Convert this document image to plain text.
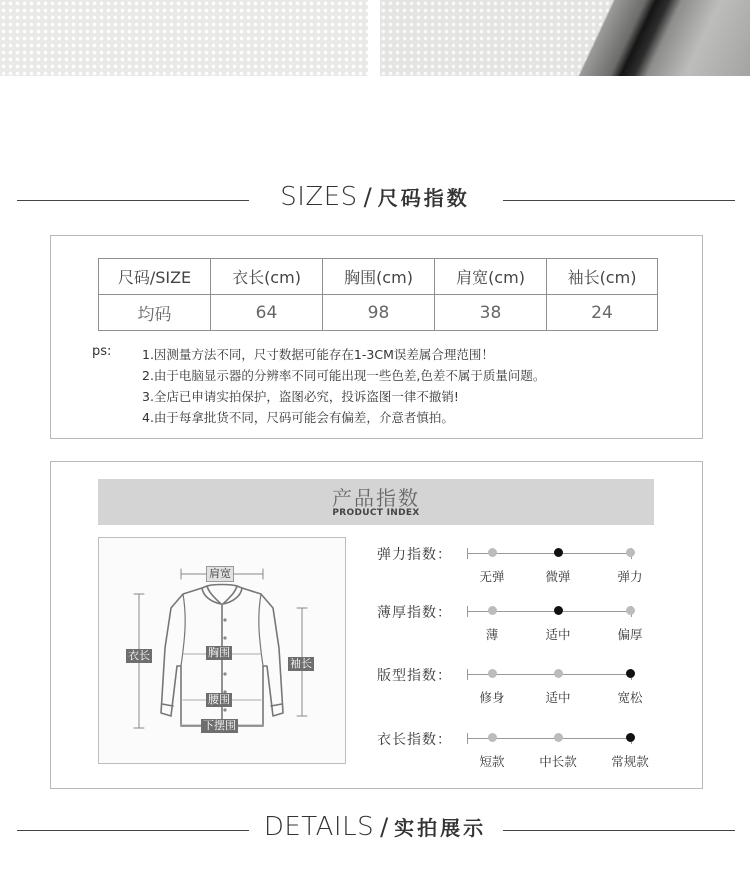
SIZES / 尺码指数
尺码/SIZE	衣长(cm)	胸围(cm)	肩宽(cm)	袖长(cm)
均码	64	98	38	24
ps: 1.因测量方法不同，尺寸数据可能存在1-3CM误差属合理范围！
2.由于电脑显示器的分辨率不同可能出现一些色差,色差不属于质量问题。
3.全店已申请实拍保护，盗图必究，投诉盗图一律不撤销!
4.由于每拿批货不同，尺码可能会有偏差，介意者慎拍。
产品指数
PRODUCT INDEX
肩宽
衣长	胸围
袖长
腰围
下摆围
弹力指数：
无弹	微弹	弹力
薄厚指数：
薄	适中	偏厚
版型指数：
修身	适中	宽松
衣长指数：
短款	中长款	常规款
DETAILS / 实拍展示
